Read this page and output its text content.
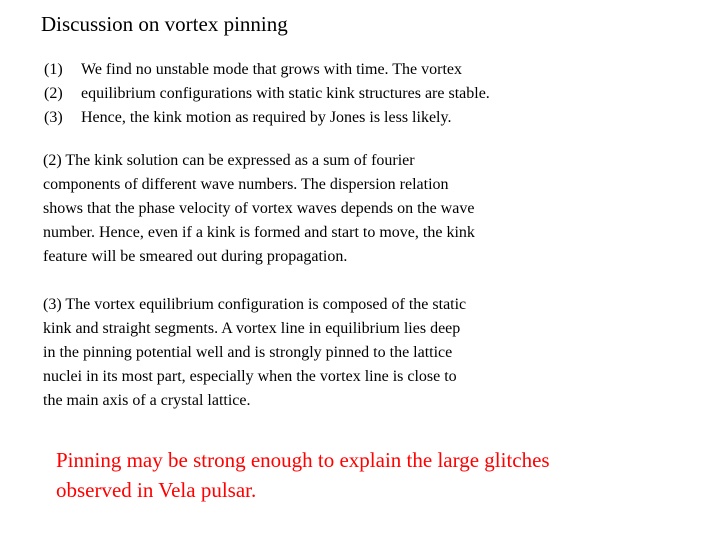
Discussion on vortex pinning
(1)	We find no unstable mode that grows with time. The vortex
(2)	equilibrium configurations with static kink structures are stable.
(3)	Hence, the kink motion as required by Jones is less likely.
(2) The kink solution can be expressed as a sum of fourier
components of different wave numbers. The dispersion relation
shows that the phase velocity of vortex waves depends on the wave
number. Hence, even if a kink is formed and start to move, the kink
feature will be smeared out during propagation.
(3) The vortex equilibrium configuration is composed of the static
kink and straight segments. A vortex line in equilibrium lies deep
in the pinning potential well and is strongly pinned to the lattice
nuclei in its most part, especially when the vortex line is close to
the main axis of a crystal lattice.
Pinning may be strong enough to explain the large glitches
observed in Vela pulsar.
